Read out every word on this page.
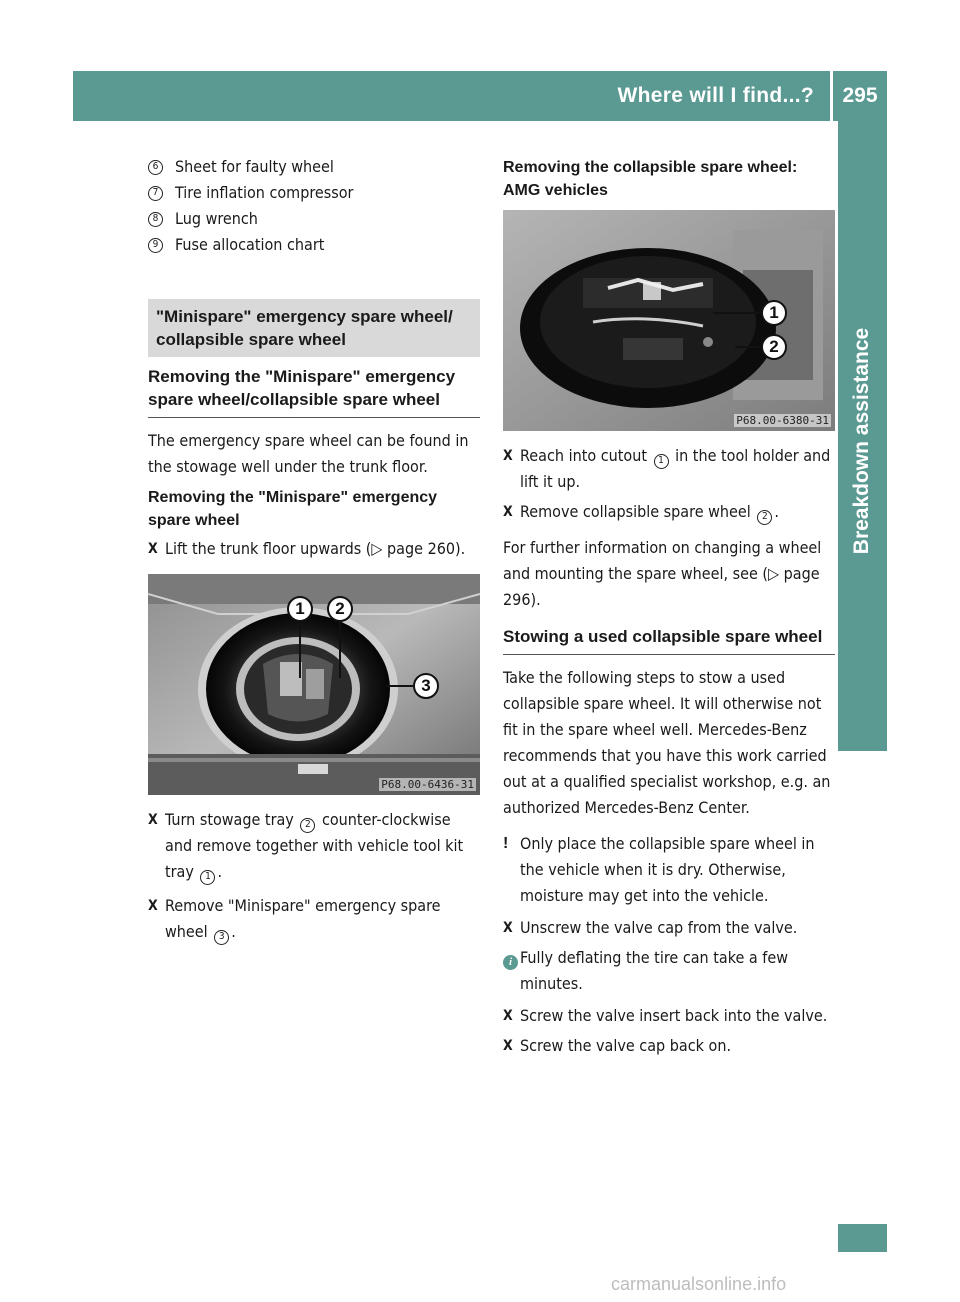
Where will I find...?	295
Breakdown assistance
6 Sheet for faulty wheel
7 Tire inflation compressor
8 Lug wrench
9 Fuse allocation chart
"Minispare" emergency spare wheel/ collapsible spare wheel
Removing the "Minispare" emergency spare wheel/collapsible spare wheel
The emergency spare wheel can be found in the stowage well under the trunk floor.
Removing the "Minispare" emergency spare wheel
X Lift the trunk floor upwards (▷ page 260).
1	2
3
P68.00-6436-31
X Turn stowage tray 2 counter-clockwise and remove together with vehicle tool kit tray 1 .
X Remove "Minispare" emergency spare wheel 3 .
Removing the collapsible spare wheel: AMG vehicles
1
2
P68.00-6380-31
X Reach into cutout 1 in the tool holder and lift it up.
X Remove collapsible spare wheel 2 .
For further information on changing a wheel and mounting the spare wheel, see (▷ page 296).
Stowing a used collapsible spare wheel
Take the following steps to stow a used collapsible spare wheel. It will otherwise not fit in the spare wheel well. Mercedes-Benz recommends that you have this work carried out at a qualified specialist workshop, e.g. an authorized Mercedes-Benz Center.
! Only place the collapsible spare wheel in the vehicle when it is dry. Otherwise, moisture may get into the vehicle.
X Unscrew the valve cap from the valve.
i Fully deflating the tire can take a few minutes.
X Screw the valve insert back into the valve.
X Screw the valve cap back on.
carmanualsonline.info
